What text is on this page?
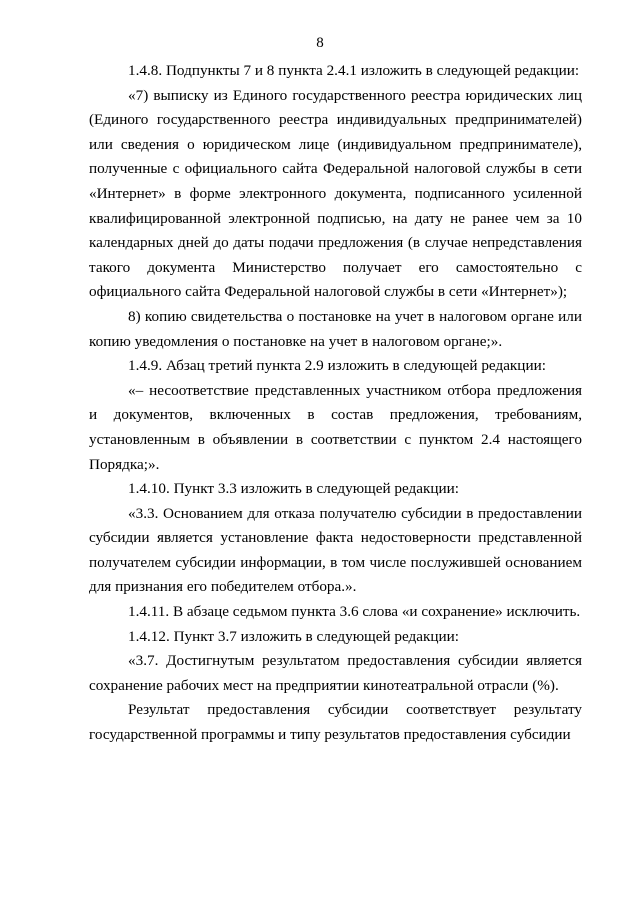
8

1.4.8. Подпункты 7 и 8 пункта 2.4.1 изложить в следующей редакции:

«7) выписку из Единого государственного реестра юридических лиц (Единого государственного реестра индивидуальных предпринимателей) или сведения о юридическом лице (индивидуальном предпринимателе), полученные с официального сайта Федеральной налоговой службы в сети «Интернет» в форме электронного документа, подписанного усиленной квалифицированной электронной подписью, на дату не ранее чем за 10 календарных дней до даты подачи предложения (в случае непредставления такого документа Министерство получает его самостоятельно с официального сайта Федеральной налоговой службы в сети «Интернет»);

8) копию свидетельства о постановке на учет в налоговом органе или копию уведомления о постановке на учет в налоговом органе;».

1.4.9. Абзац третий пункта 2.9 изложить в следующей редакции:

«– несоответствие представленных участником отбора предложения и документов, включенных в состав предложения, требованиям, установленным в объявлении в соответствии с пунктом 2.4 настоящего Порядка;».

1.4.10. Пункт 3.3 изложить в следующей редакции:

«3.3. Основанием для отказа получателю субсидии в предоставлении субсидии является установление факта недостоверности представленной получателем субсидии информации, в том числе послужившей основанием для признания его победителем отбора.».

1.4.11. В абзаце седьмом пункта 3.6 слова «и сохранение» исключить.

1.4.12. Пункт 3.7 изложить в следующей редакции:

«3.7. Достигнутым результатом предоставления субсидии является сохранение рабочих мест на предприятии кинотеатральной отрасли (%).

Результат предоставления субсидии соответствует результату государственной программы и типу результатов предоставления субсидии
